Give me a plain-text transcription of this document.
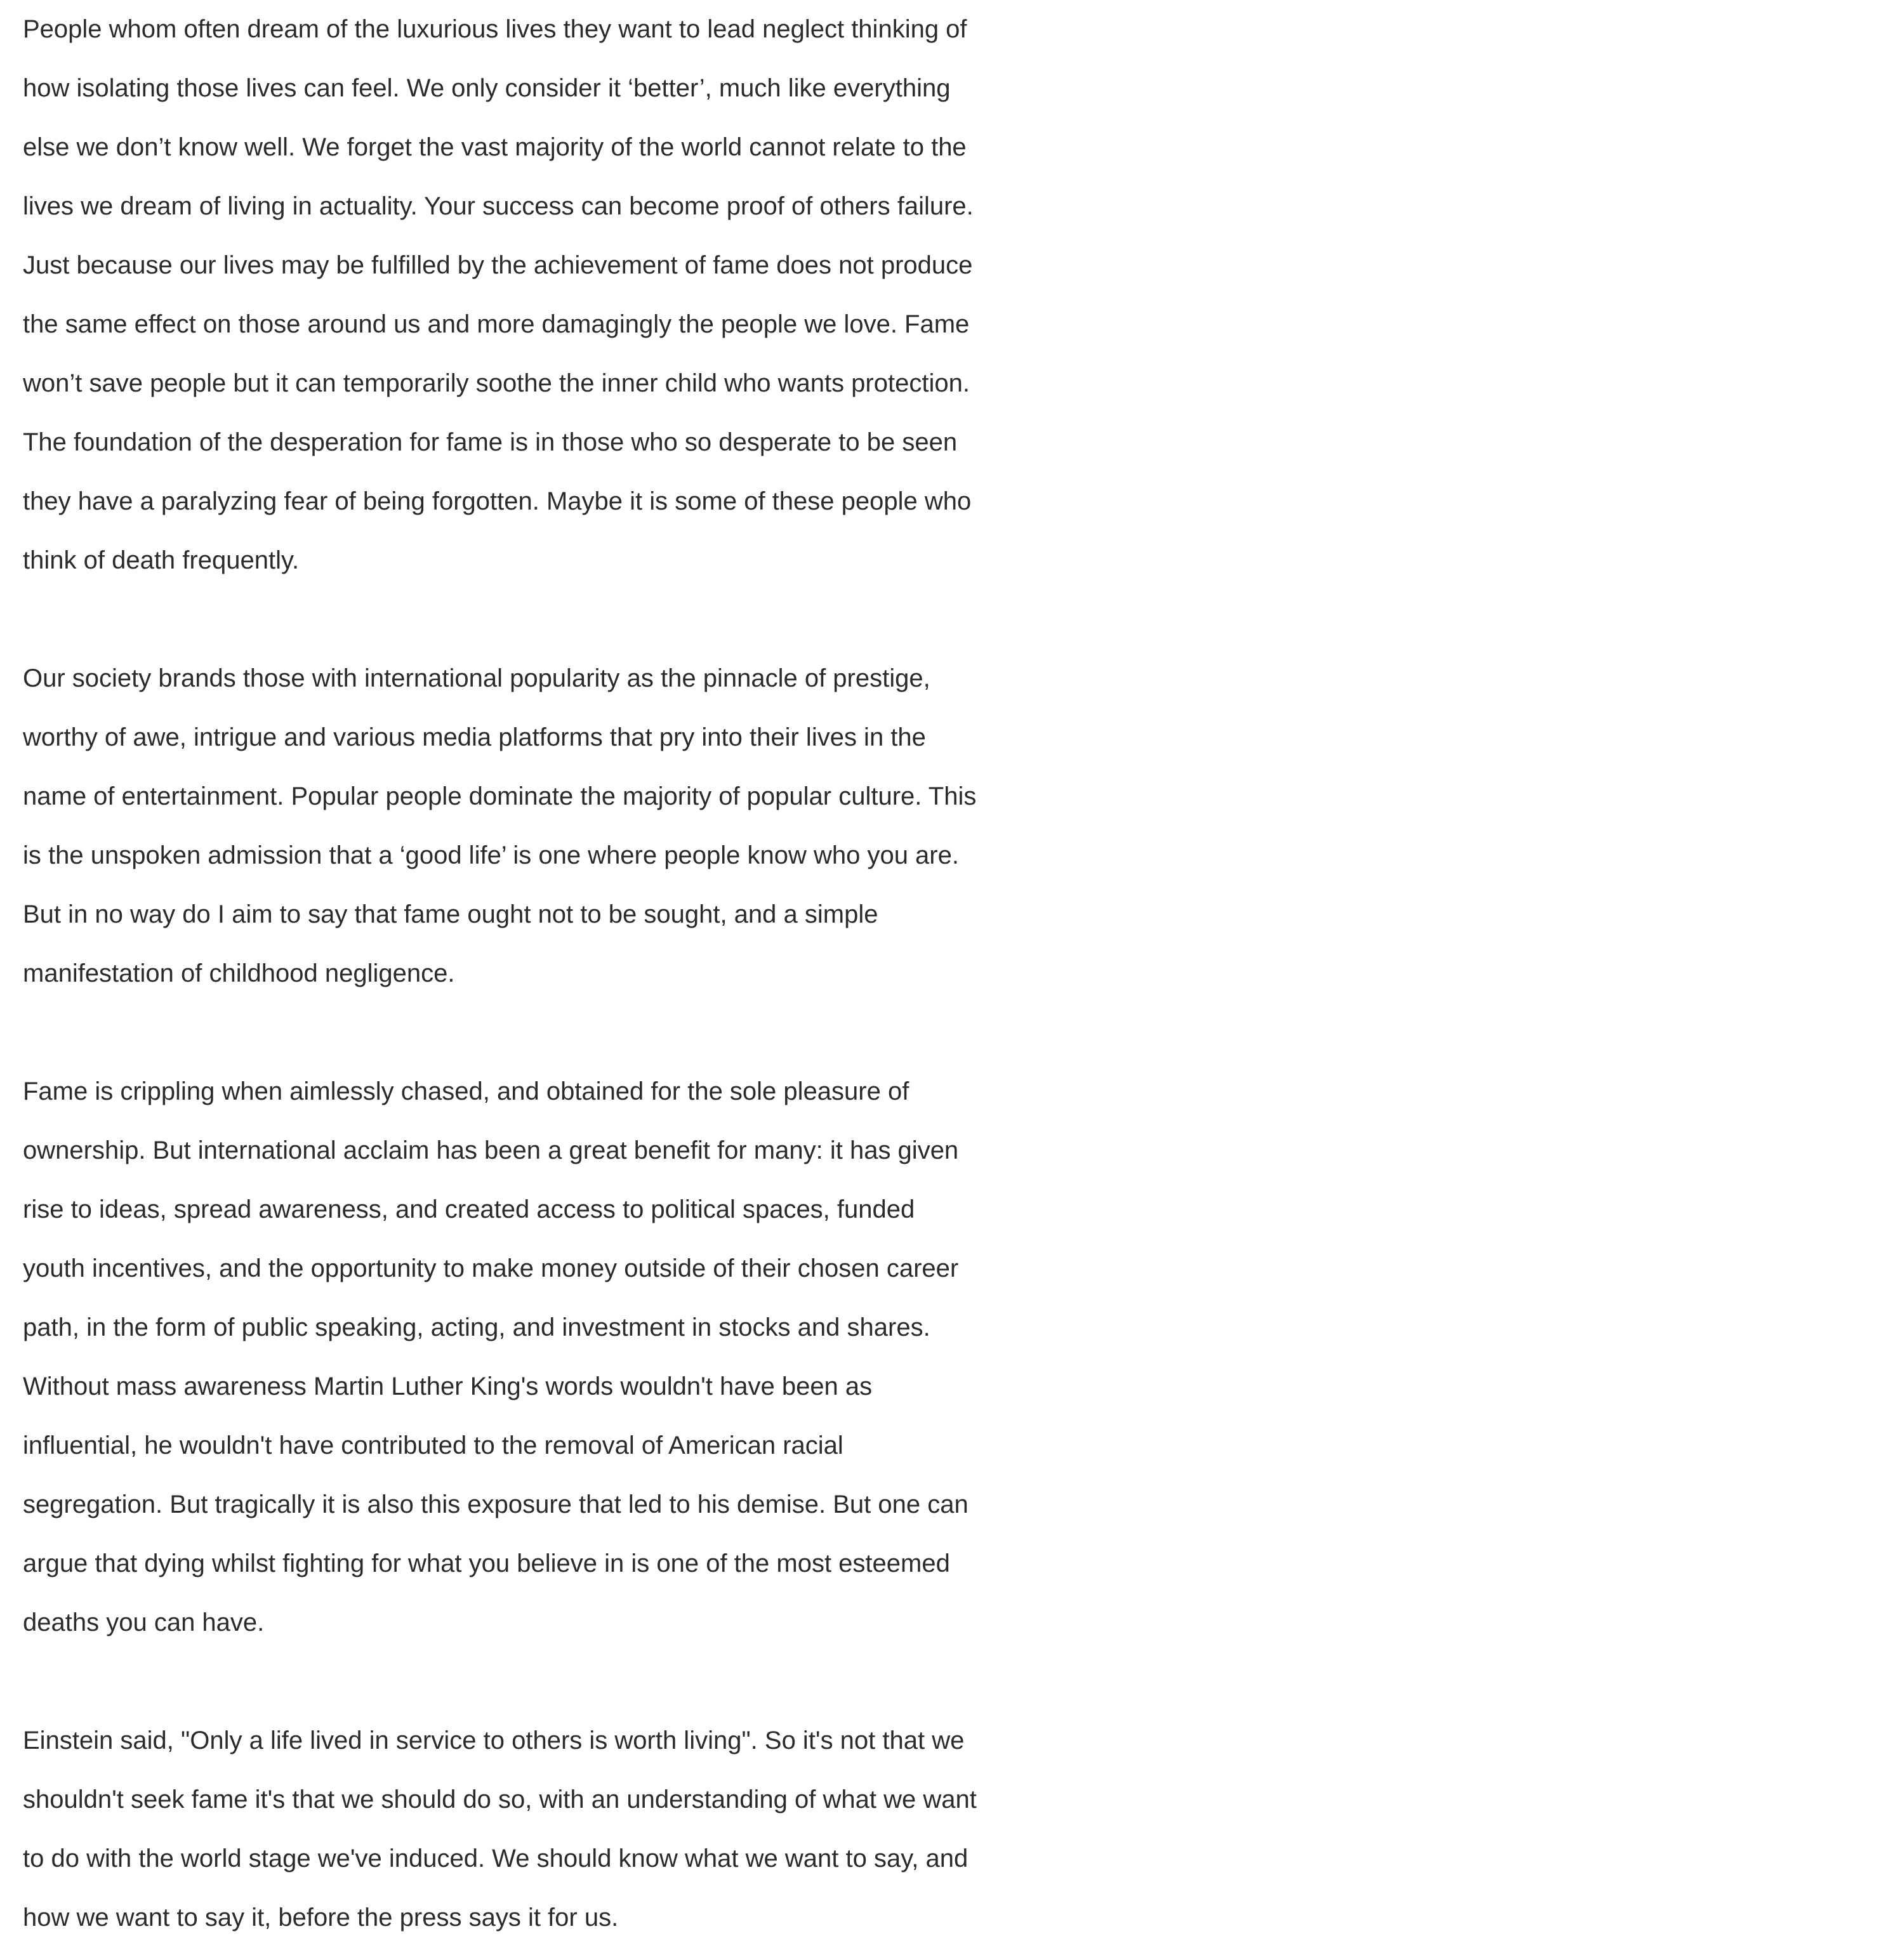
People whom often dream of the luxurious lives they want to lead neglect thinking of
how isolating those lives can feel. We only consider it ‘better’, much like everything
else we don’t know well. We forget the vast majority of the world cannot relate to the
lives we dream of living in actuality. Your success can become proof of others failure.
Just because our lives may be fulfilled by the achievement of fame does not produce
the same effect on those around us and more damagingly the people we love. Fame
won’t save people but it can temporarily soothe the inner child who wants protection.
The foundation of the desperation for fame is in those who so desperate to be seen
they have a paralyzing fear of being forgotten. Maybe it is some of these people who
think of death frequently.
Our society brands those with international popularity as the pinnacle of prestige,
worthy of awe, intrigue and various media platforms that pry into their lives in the
name of entertainment. Popular people dominate the majority of popular culture. This
is the unspoken admission that a ‘good life’ is one where people know who you are.
But in no way do I aim to say that fame ought not to be sought, and a simple
manifestation of childhood negligence.
Fame is crippling when aimlessly chased, and obtained for the sole pleasure of
ownership. But international acclaim has been a great benefit for many: it has given
rise to ideas, spread awareness, and created access to political spaces, funded
youth incentives, and the opportunity to make money outside of their chosen career
path, in the form of public speaking, acting, and investment in stocks and shares.
Without mass awareness Martin Luther King's words wouldn't have been as
influential, he wouldn't have contributed to the removal of American racial
segregation. But tragically it is also this exposure that led to his demise. But one can
argue that dying whilst fighting for what you believe in is one of the most esteemed
deaths you can have.
Einstein said, "Only a life lived in service to others is worth living". So it's not that we
shouldn't seek fame it's that we should do so, with an understanding of what we want
to do with the world stage we've induced. We should know what we want to say, and
how we want to say it, before the press says it for us.
